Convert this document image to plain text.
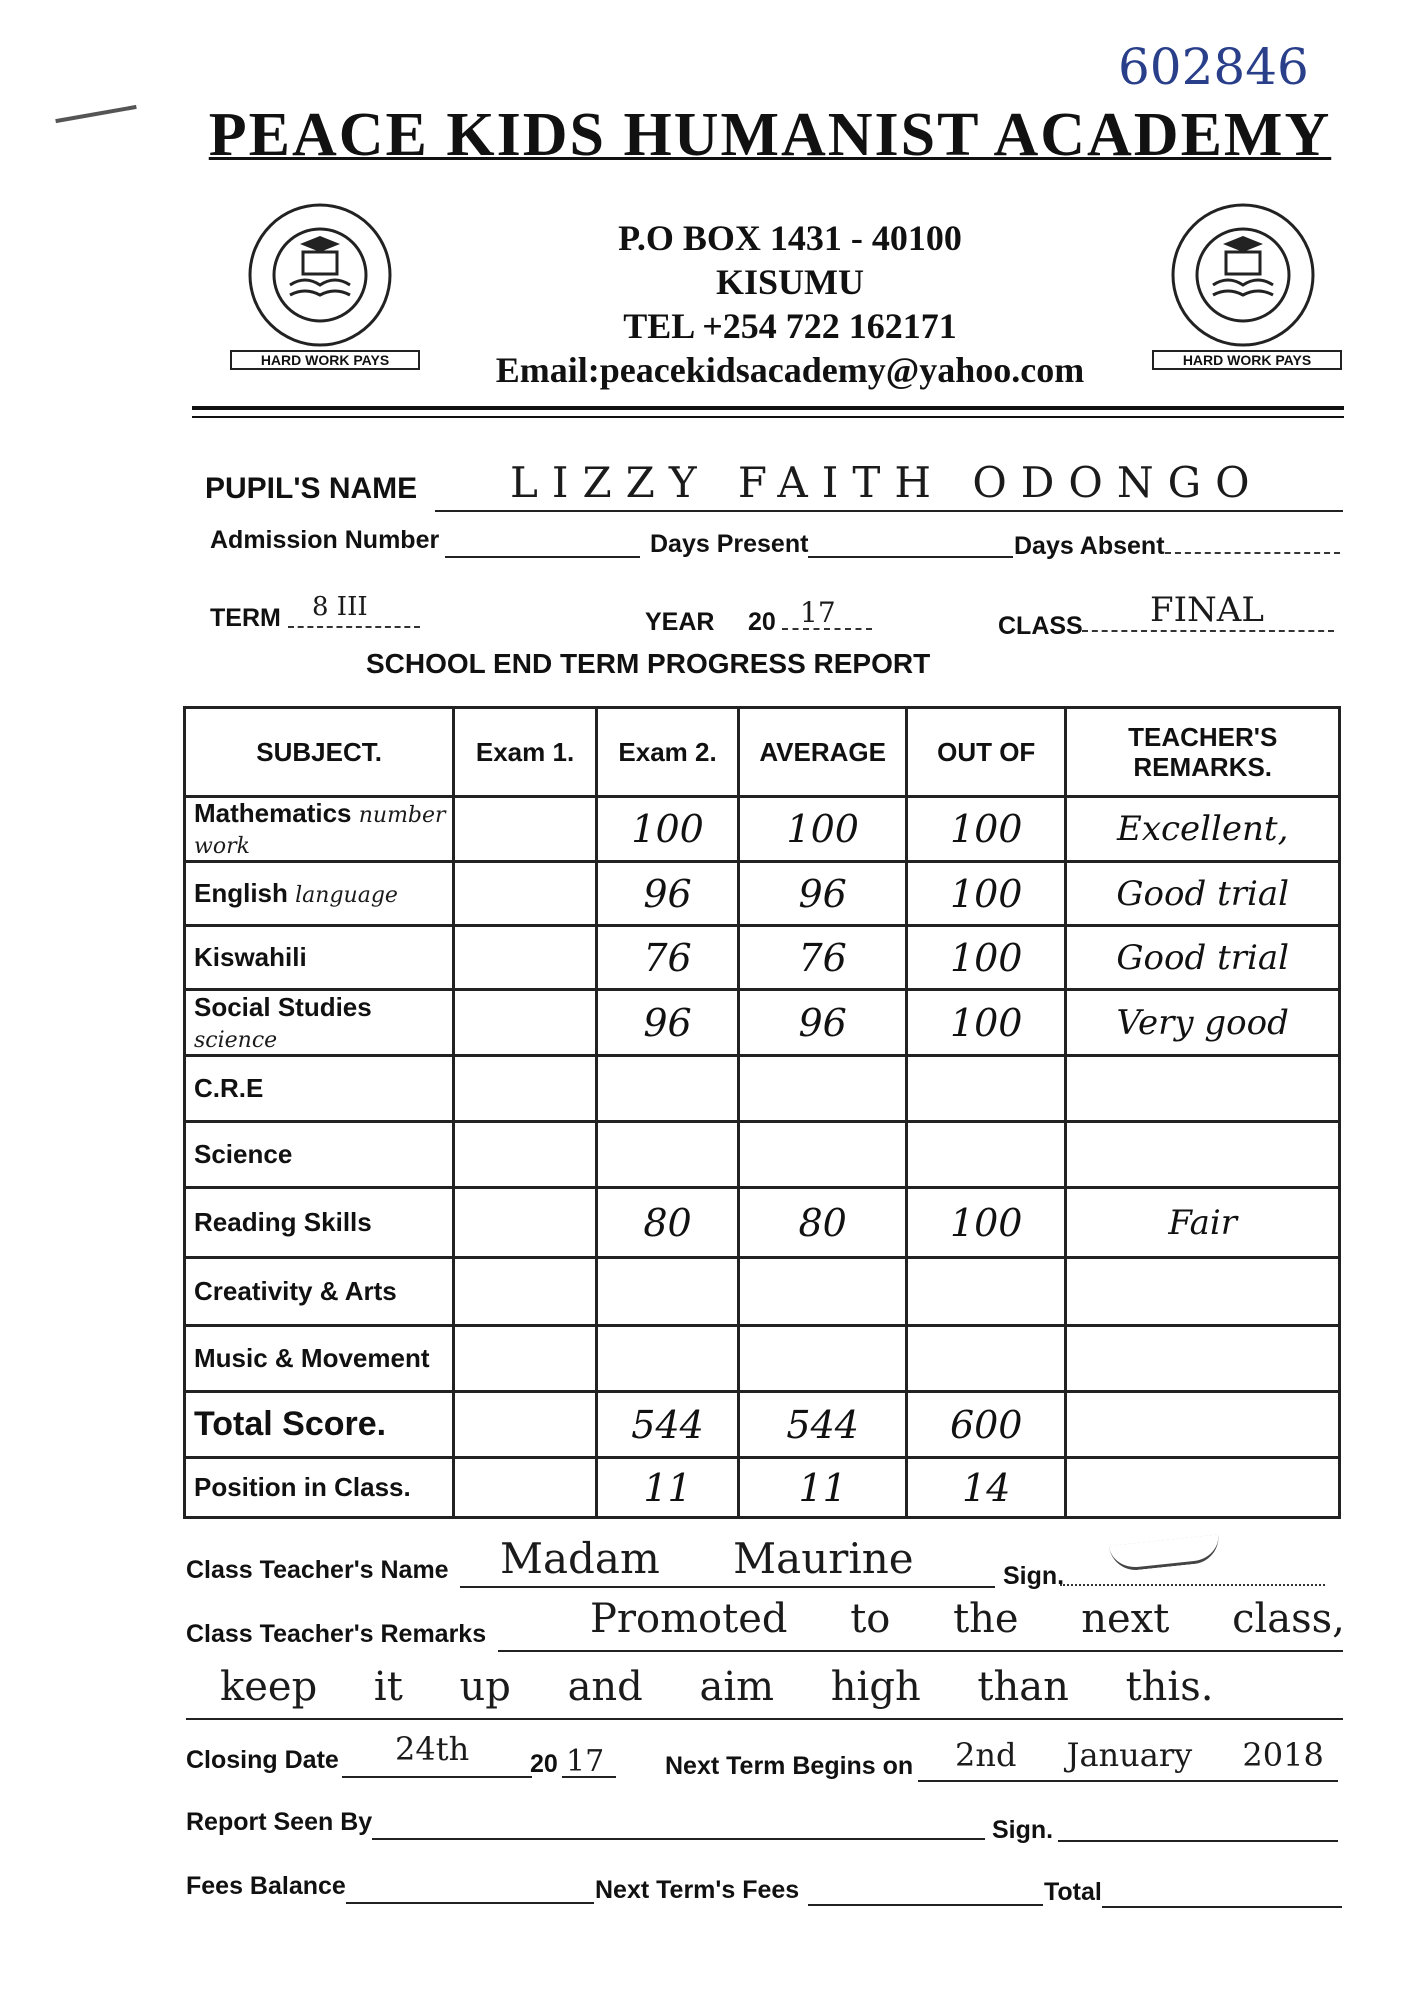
602846
PEACE KIDS HUMANIST ACADEMY
HARD WORK PAYS	HARD WORK PAYS
P.O BOX 1431 - 40100
KISUMU
TEL +254 722 162171
Email:peacekidsacademy@yahoo.com
PUPIL'S NAME LIZZY FAITH ODONGO
Admission Number	Days Present	Days Absent
TERM 8 III	YEAR 20 17	CLASS FINAL
SCHOOL END TERM PROGRESS REPORT
SUBJECT.	Exam 1.	Exam 2.	AVERAGE	OUT OF	TEACHER'S REMARKS.
Mathematics number work		100	100	100	Excellent,
English language		96	96	100	Good trial
Kiswahili		76	76	100	Good trial
Social Studies science		96	96	100	Very good
C.R.E					
Science					
Reading Skills		80	80	100	Fair
Creativity & Arts					
Music & Movement					
Total Score.		544	544	600	
Position in Class.		11	11	14	
Class Teacher's Name Madam Maurine	Sign.
Class Teacher's Remarks	Promoted to the next class,
keep it up and aim high than this.
Closing Date 24th 20 17 Next Term Begins on 2nd January 2018
Report Seen By	Sign.
Fees Balance	Next Term's Fees	Total
